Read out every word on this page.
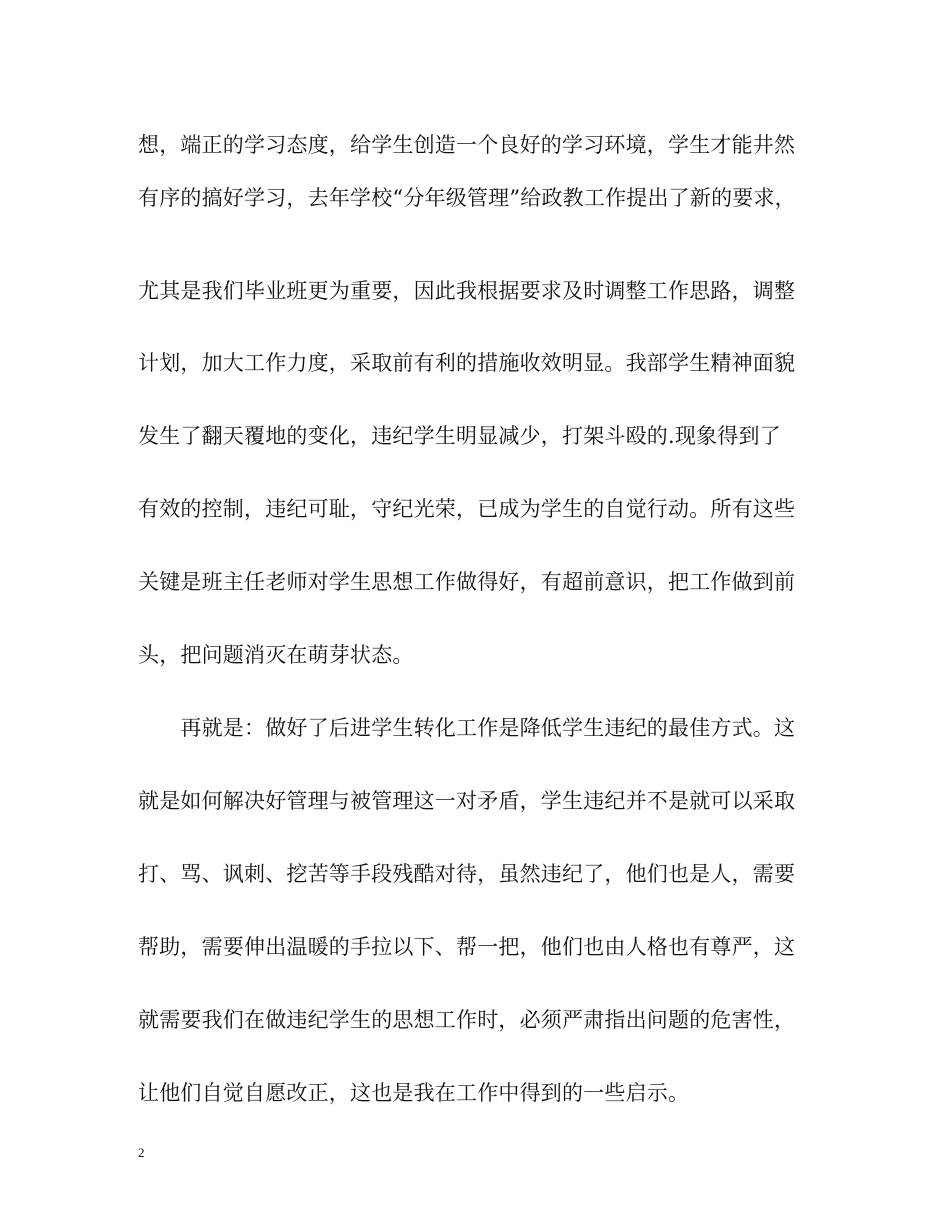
想，端正的学习态度，给学生创造一个良好的学习环境，学生才能井然
有序的搞好学习，去年学校“分年级管理”给政教工作提出了新的要求，
尤其是我们毕业班更为重要，因此我根据要求及时调整工作思路，调整
计划，加大工作力度，采取前有利的措施收效明显。我部学生精神面貌
发生了翻天覆地的变化，违纪学生明显减少，打架斗殴的.现象得到了
有效的控制，违纪可耻，守纪光荣，已成为学生的自觉行动。所有这些
关键是班主任老师对学生思想工作做得好，有超前意识，把工作做到前
头，把问题消灭在萌芽状态。
　　再就是：做好了后进学生转化工作是降低学生违纪的最佳方式。这
就是如何解决好管理与被管理这一对矛盾，学生违纪并不是就可以采取
打、骂、讽刺、挖苦等手段残酷对待，虽然违纪了，他们也是人，需要
帮助，需要伸出温暖的手拉以下、帮一把，他们也由人格也有尊严，这
就需要我们在做违纪学生的思想工作时，必须严肃指出问题的危害性，
让他们自觉自愿改正，这也是我在工作中得到的一些启示。
2
